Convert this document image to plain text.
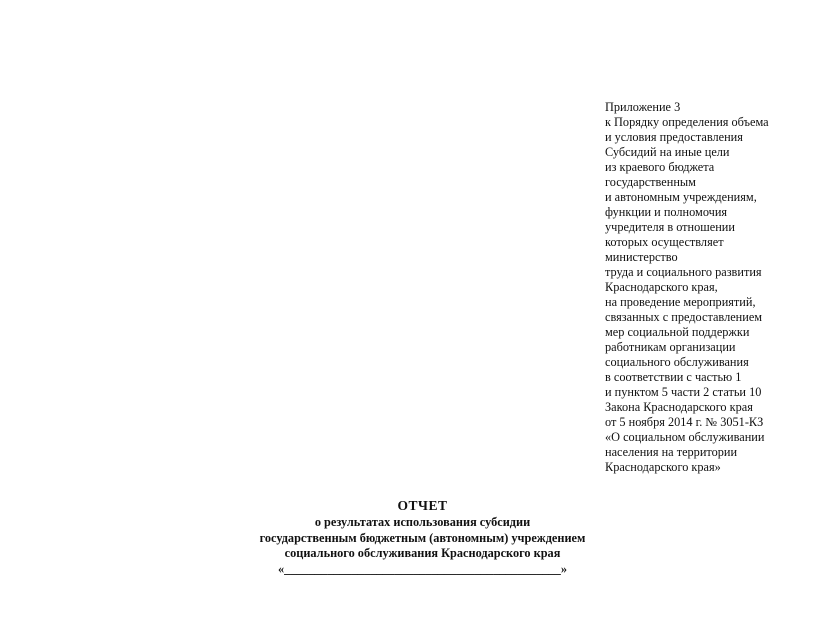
Приложение 3
к Порядку определения объема
и условия предоставления
Субсидий на иные цели
из краевого бюджета
государственным
и автономным учреждениям,
функции и полномочия
учредителя в отношении
которых осуществляет
министерство
труда и социального развития
Краснодарского края,
на проведение мероприятий,
связанных с предоставлением
мер социальной поддержки
работникам организации
социального обслуживания
в соответствии с частью 1
и пунктом 5 части 2 статьи 10
Закона Краснодарского края
от 5 ноября 2014 г. № 3051-КЗ
«О социальном обслуживании
населения на территории
Краснодарского края»
ОТЧЕТ
о результатах использования субсидии
государственным бюджетным (автономным) учреждением
социального обслуживания Краснодарского края
«_____________________________________________»
